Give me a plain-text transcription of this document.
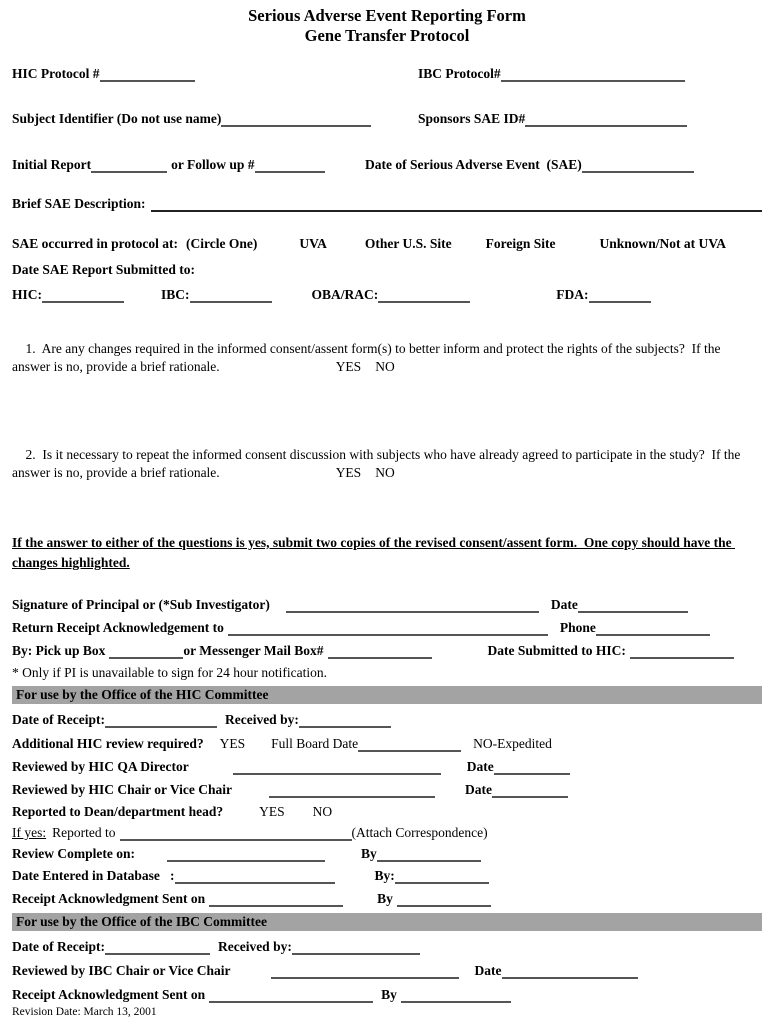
Serious Adverse Event Reporting Form
Gene Transfer Protocol
HIC Protocol #	IBC Protocol#
Subject Identifier (Do not use name)	Sponsors SAE ID#
Initial Report	or Follow up #	Date of Serious Adverse Event  (SAE)
Brief SAE Description:
SAE occurred in protocol at: (Circle One)	UVA	Other U.S. Site	Foreign Site	Unknown/Not at UVA
Date SAE Report Submitted to:
HIC:	IBC:	OBA/RAC:	FDA:

1.  Are any changes required in the informed consent/assent form(s) to better inform and protect the rights of the subjects?  If the answer is no, provide a brief rationale.	YES NO

2.  Is it necessary to repeat the informed consent discussion with subjects who have already agreed to participate in the study?  If the answer is no, provide a brief rationale.	YES NO

If the answer to either of the questions is yes, submit two copies of the revised consent/assent form.  One copy should have the changes highlighted.
Signature of Principal or (*Sub Investigator)	Date
Return Receipt Acknowledgement to	Phone
By: Pick up Box	or Messenger Mail Box#	Date Submitted to HIC:
* Only if PI is unavailable to sign for 24 hour notification.
For use by the Office of the HIC Committee
Date of Receipt:	Received by:
Additional HIC review required? YES Full Board Date	NO-Expedited
Reviewed by HIC QA Director	Date
Reviewed by HIC Chair or Vice Chair	Date
Reported to Dean/department head?	YES NO
If yes: Reported to	(Attach Correspondence)
Review Complete on:	By
Date Entered in Database   :	By:
Receipt Acknowledgment Sent on	By
For use by the Office of the IBC Committee
Date of Receipt:	Received by:
Reviewed by IBC Chair or Vice Chair	Date
Receipt Acknowledgment Sent on	By
Revision Date: March 13, 2001
